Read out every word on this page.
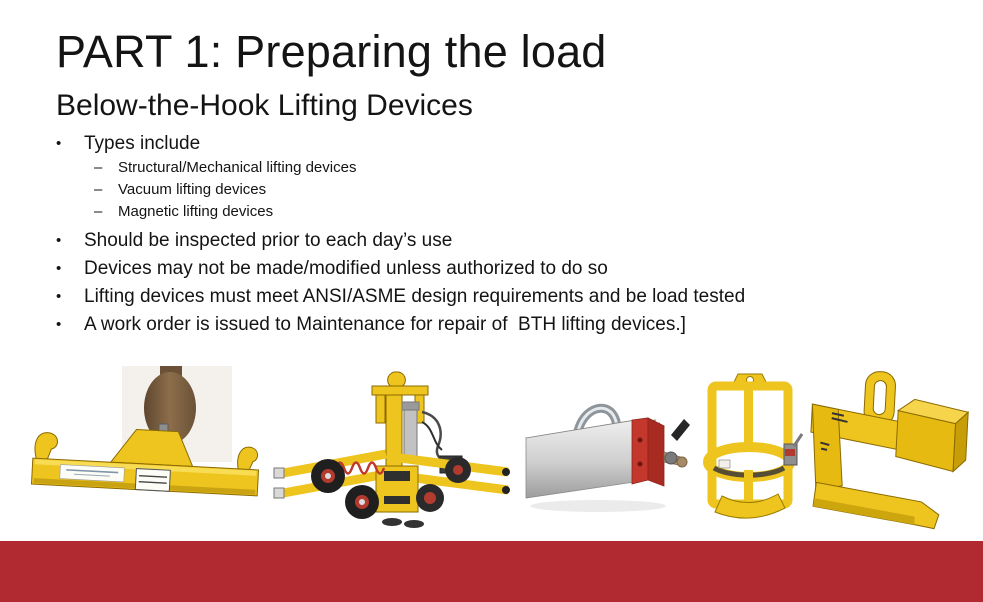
PART 1: Preparing the load
Below-the-Hook Lifting Devices
•	Types include
–	Structural/Mechanical lifting devices
–	Vacuum lifting devices
–	Magnetic lifting devices
•	Should be inspected prior to each day’s use
•	Devices may not be made/modified unless authorized to do so
•	Lifting devices must meet ANSI/ASME design requirements and be load tested
•	A work order is issued to Maintenance for repair of  BTH lifting devices.]
